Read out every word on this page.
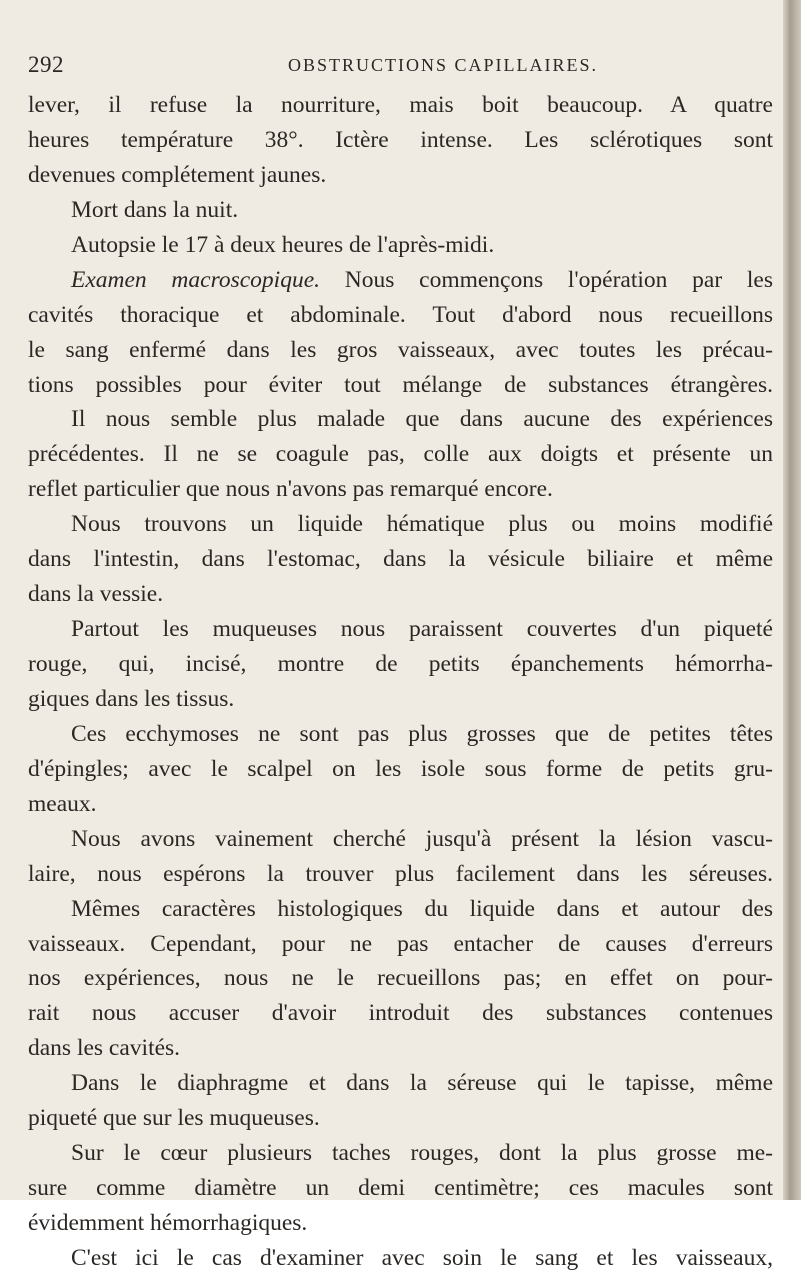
292	OBSTRUCTIONS CAPILLAIRES.
lever, il refuse la nourriture, mais boit beaucoup. A quatre
heures température 38°. Ictère intense. Les sclérotiques sont
devenues complétement jaunes.
Mort dans la nuit.
Autopsie le 17 à deux heures de l'après-midi.
Examen macroscopique. Nous commençons l'opération par les
cavités thoracique et abdominale. Tout d'abord nous recueillons
le sang enfermé dans les gros vaisseaux, avec toutes les précau-
tions possibles pour éviter tout mélange de substances étrangères.
Il nous semble plus malade que dans aucune des expériences
précédentes. Il ne se coagule pas, colle aux doigts et présente un
reflet particulier que nous n'avons pas remarqué encore.
Nous trouvons un liquide hématique plus ou moins modifié
dans l'intestin, dans l'estomac, dans la vésicule biliaire et même
dans la vessie.
Partout les muqueuses nous paraissent couvertes d'un piqueté
rouge, qui, incisé, montre de petits épanchements hémorrha-
giques dans les tissus.
Ces ecchymoses ne sont pas plus grosses que de petites têtes
d'épingles; avec le scalpel on les isole sous forme de petits gru-
meaux.
Nous avons vainement cherché jusqu'à présent la lésion vascu-
laire, nous espérons la trouver plus facilement dans les séreuses.
Mêmes caractères histologiques du liquide dans et autour des
vaisseaux. Cependant, pour ne pas entacher de causes d'erreurs
nos expériences, nous ne le recueillons pas; en effet on pour-
rait nous accuser d'avoir introduit des substances contenues
dans les cavités.
Dans le diaphragme et dans la séreuse qui le tapisse, même
piqueté que sur les muqueuses.
Sur le cœur plusieurs taches rouges, dont la plus grosse me-
sure comme diamètre un demi centimètre; ces macules sont
évidemment hémorrhagiques.
C'est ici le cas d'examiner avec soin le sang et les vaisseaux,
